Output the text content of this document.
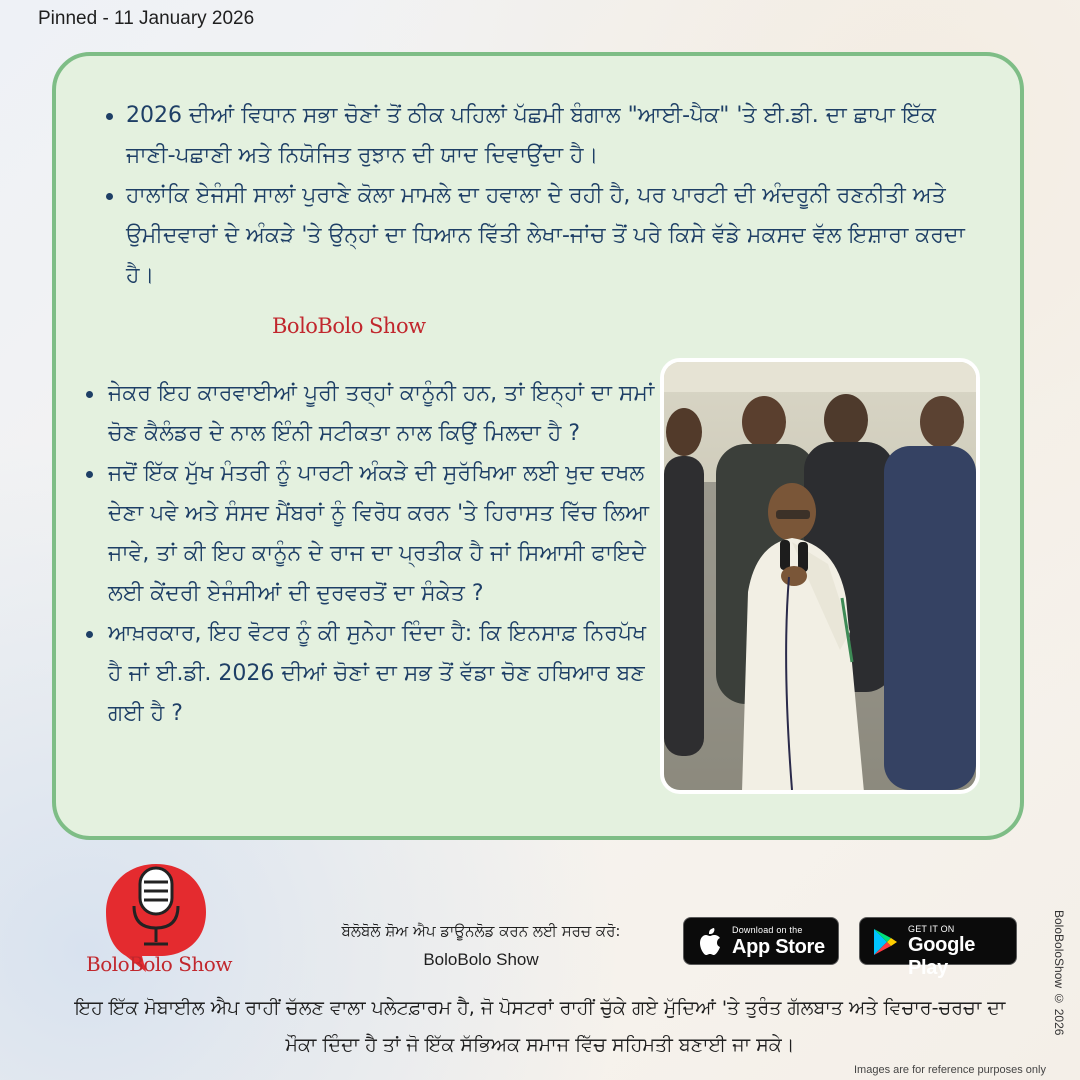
Pinned - 11 January 2026
2026 ਦੀਆਂ ਵਿਧਾਨ ਸਭਾ ਚੋਣਾਂ ਤੋਂ ਠੀਕ ਪਹਿਲਾਂ ਪੱਛਮੀ ਬੰਗਾਲ "ਆਈ-ਪੈਕ" 'ਤੇ ਈ.ਡੀ. ਦਾ ਛਾਪਾ ਇੱਕ ਜਾਣੀ-ਪਛਾਣੀ ਅਤੇ ਨਿਯੋਜਿਤ ਰੁਝਾਨ ਦੀ ਯਾਦ ਦਿਵਾਉਂਦਾ ਹੈ।
ਹਾਲਾਂਕਿ ਏਜੰਸੀ ਸਾਲਾਂ ਪੁਰਾਣੇ ਕੋਲਾ ਮਾਮਲੇ ਦਾ ਹਵਾਲਾ ਦੇ ਰਹੀ ਹੈ, ਪਰ ਪਾਰਟੀ ਦੀ ਅੰਦਰੂਨੀ ਰਣਨੀਤੀ ਅਤੇ ਉਮੀਦਵਾਰਾਂ ਦੇ ਅੰਕੜੇ 'ਤੇ ਉਨ੍ਹਾਂ ਦਾ ਧਿਆਨ ਵਿੱਤੀ ਲੇਖਾ-ਜਾਂਚ ਤੋਂ ਪਰੇ ਕਿਸੇ ਵੱਡੇ ਮਕਸਦ ਵੱਲ ਇਸ਼ਾਰਾ ਕਰਦਾ ਹੈ।
BoloBolo Show
ਜੇਕਰ ਇਹ ਕਾਰਵਾਈਆਂ ਪੂਰੀ ਤਰ੍ਹਾਂ ਕਾਨੂੰਨੀ ਹਨ, ਤਾਂ ਇਨ੍ਹਾਂ ਦਾ ਸਮਾਂ ਚੋਣ ਕੈਲੰਡਰ ਦੇ ਨਾਲ ਇੰਨੀ ਸਟੀਕਤਾ ਨਾਲ ਕਿਉਂ ਮਿਲਦਾ ਹੈ ?
ਜਦੋਂ ਇੱਕ ਮੁੱਖ ਮੰਤਰੀ ਨੂੰ ਪਾਰਟੀ ਅੰਕੜੇ ਦੀ ਸੁਰੱਖਿਆ ਲਈ ਖੁਦ ਦਖਲ ਦੇਣਾ ਪਵੇ ਅਤੇ ਸੰਸਦ ਮੈਂਬਰਾਂ ਨੂੰ ਵਿਰੋਧ ਕਰਨ 'ਤੇ ਹਿਰਾਸਤ ਵਿੱਚ ਲਿਆ ਜਾਵੇ, ਤਾਂ ਕੀ ਇਹ ਕਾਨੂੰਨ ਦੇ ਰਾਜ ਦਾ ਪ੍ਰਤੀਕ ਹੈ ਜਾਂ ਸਿਆਸੀ ਫਾਇਦੇ ਲਈ ਕੇਂਦਰੀ ਏਜੰਸੀਆਂ ਦੀ ਦੁਰਵਰਤੋਂ ਦਾ ਸੰਕੇਤ ?
ਆਖ਼ਰਕਾਰ, ਇਹ ਵੋਟਰ ਨੂੰ ਕੀ ਸੁਨੇਹਾ ਦਿੰਦਾ ਹੈ: ਕਿ ਇਨਸਾਫ਼ ਨਿਰਪੱਖ ਹੈ ਜਾਂ ਈ.ਡੀ. 2026 ਦੀਆਂ ਚੋਣਾਂ ਦਾ ਸਭ ਤੋਂ ਵੱਡਾ ਚੋਣ ਹਥਿਆਰ ਬਣ ਗਈ ਹੈ ?
BoloBolo Show
ਬੋਲੋਬੋਲੋ ਸ਼ੋਅ ਐਪ ਡਾਊਨਲੋਡ ਕਰਨ ਲਈ ਸਰਚ ਕਰੋ:
BoloBolo Show
Download on the
App Store
GET IT ON
Google Play
ਇਹ ਇੱਕ ਮੋਬਾਈਲ ਐਪ ਰਾਹੀਂ ਚੱਲਣ ਵਾਲਾ ਪਲੇਟਫ਼ਾਰਮ ਹੈ, ਜੋ ਪੋਸਟਰਾਂ ਰਾਹੀਂ ਚੁੱਕੇ ਗਏ ਮੁੱਦਿਆਂ 'ਤੇ ਤੁਰੰਤ ਗੱਲਬਾਤ ਅਤੇ ਵਿਚਾਰ-ਚਰਚਾ ਦਾ ਮੌਕਾ ਦਿੰਦਾ ਹੈ ਤਾਂ ਜੋ ਇੱਕ ਸੱਭਿਅਕ ਸਮਾਜ ਵਿੱਚ ਸਹਿਮਤੀ ਬਣਾਈ ਜਾ ਸਕੇ।
BoloBoloShow © 2026
Images are for reference purposes only
